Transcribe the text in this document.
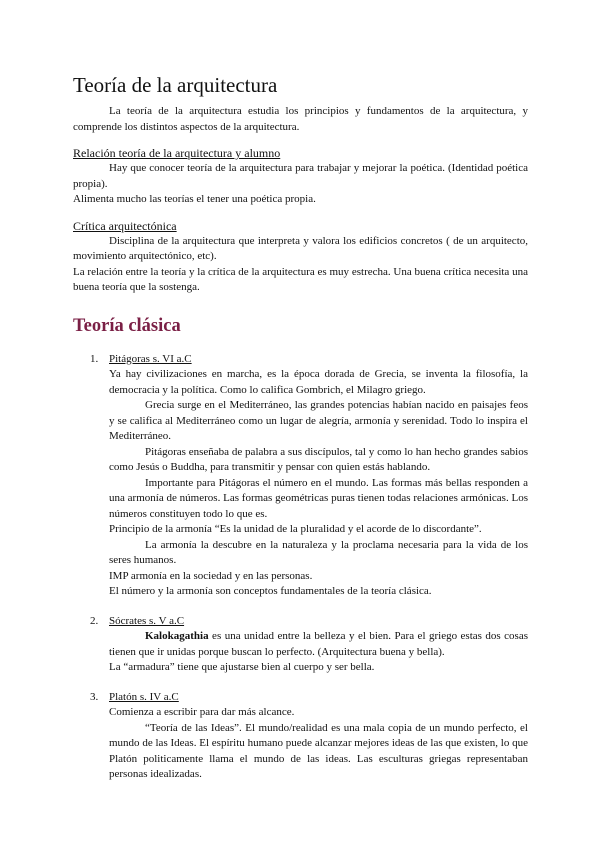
Teoría de la arquitectura

La teoría de la arquitectura estudia los principios y fundamentos de la arquitectura, y comprende los distintos aspectos de la arquitectura.

Relación teoría de la arquitectura y alumno

Hay que conocer teoría de la arquitectura para trabajar y mejorar la poética. (Identidad poética propia).

Alimenta mucho las teorías el tener una poética propia.

Crítica arquitectónica

Disciplina de la arquitectura que interpreta y valora los edificios concretos ( de un arquitecto, movimiento arquitectónico, etc).

La relación entre la teoría y la crítica de la arquitectura es muy estrecha. Una buena crítica necesita una buena teoría que la sostenga.

Teoría clásica
1. Pitágoras s. VI a.C

Ya hay civilizaciones en marcha, es la época dorada de Grecia, se inventa la filosofía, la democracia y la política. Como lo califica Gombrich, el Milagro griego.

Grecia surge en el Mediterráneo, las grandes potencias habían nacido en paisajes feos y se califica al Mediterráneo como un lugar de alegría, armonía y serenidad. Todo lo inspira el Mediterráneo.

Pitágoras enseñaba de palabra a sus discípulos, tal y como lo han hecho grandes sabios como Jesús o Buddha, para transmitir y pensar con quien estás hablando.

Importante para Pitágoras el número en el mundo. Las formas más bellas responden a una armonía de números. Las formas geométricas puras tienen todas relaciones armónicas. Los números constituyen todo lo que es.

Principio de la armonía “Es la unidad de la pluralidad y el acorde de lo discordante”.

La armonía la descubre en la naturaleza y la proclama necesaria para la vida de los seres humanos.

IMP armonía en la sociedad y en las personas.

El número y la armonía son conceptos fundamentales de la teoría clásica.

2. Sócrates s. V a.C

Kalokagathia es una unidad entre la belleza y el bien. Para el griego estas dos cosas tienen que ir unidas porque buscan lo perfecto. (Arquitectura buena y bella).

La “armadura” tiene que ajustarse bien al cuerpo y ser bella.

3. Platón s. IV a.C

Comienza a escribir para dar más alcance.

“Teoría de las Ideas”. El mundo/realidad es una mala copia de un mundo perfecto, el mundo de las Ideas. El espíritu humano puede alcanzar mejores ideas de las que existen, lo que Platón politicamente llama el mundo de las ideas. Las esculturas griegas representaban personas idealizadas.
